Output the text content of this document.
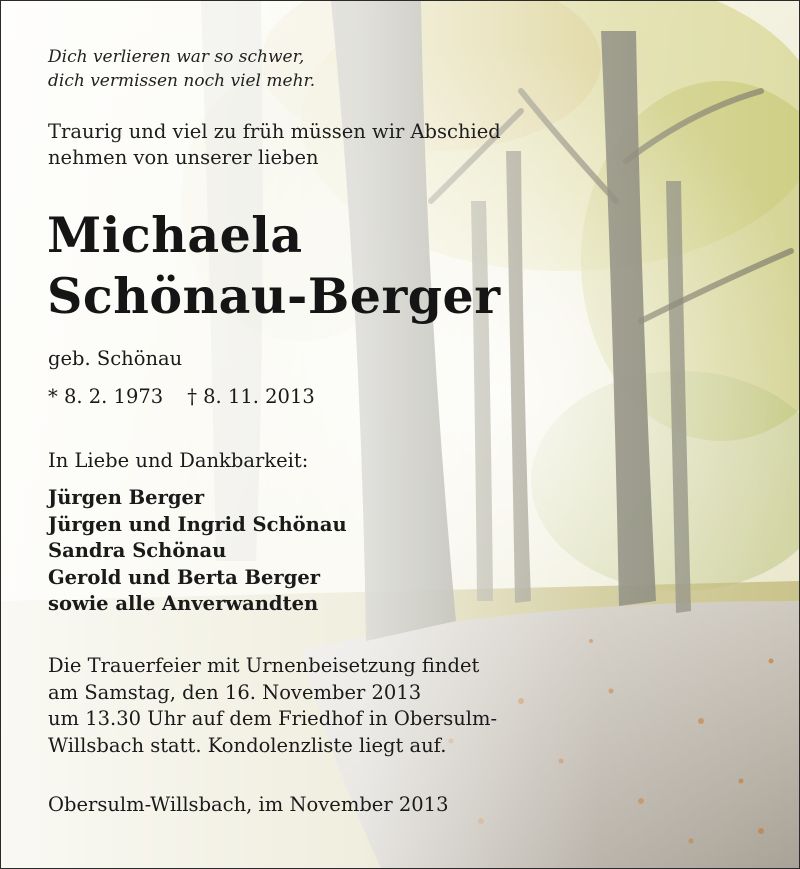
Dich verlieren war so schwer,
dich vermissen noch viel mehr.
Traurig und viel zu früh müssen wir Abschied
nehmen von unserer lieben
Michaela
Schönau-Berger
geb. Schönau
* 8. 2. 1973 † 8. 11. 2013
In Liebe und Dankbarkeit:
Jürgen Berger
Jürgen und Ingrid Schönau
Sandra Schönau
Gerold und Berta Berger
sowie alle Anverwandten
Die Trauerfeier mit Urnenbeisetzung findet
am Samstag, den 16. November 2013
um 13.30 Uhr auf dem Friedhof in Obersulm-
Willsbach statt. Kondolenzliste liegt auf.
Obersulm-Willsbach, im November 2013
